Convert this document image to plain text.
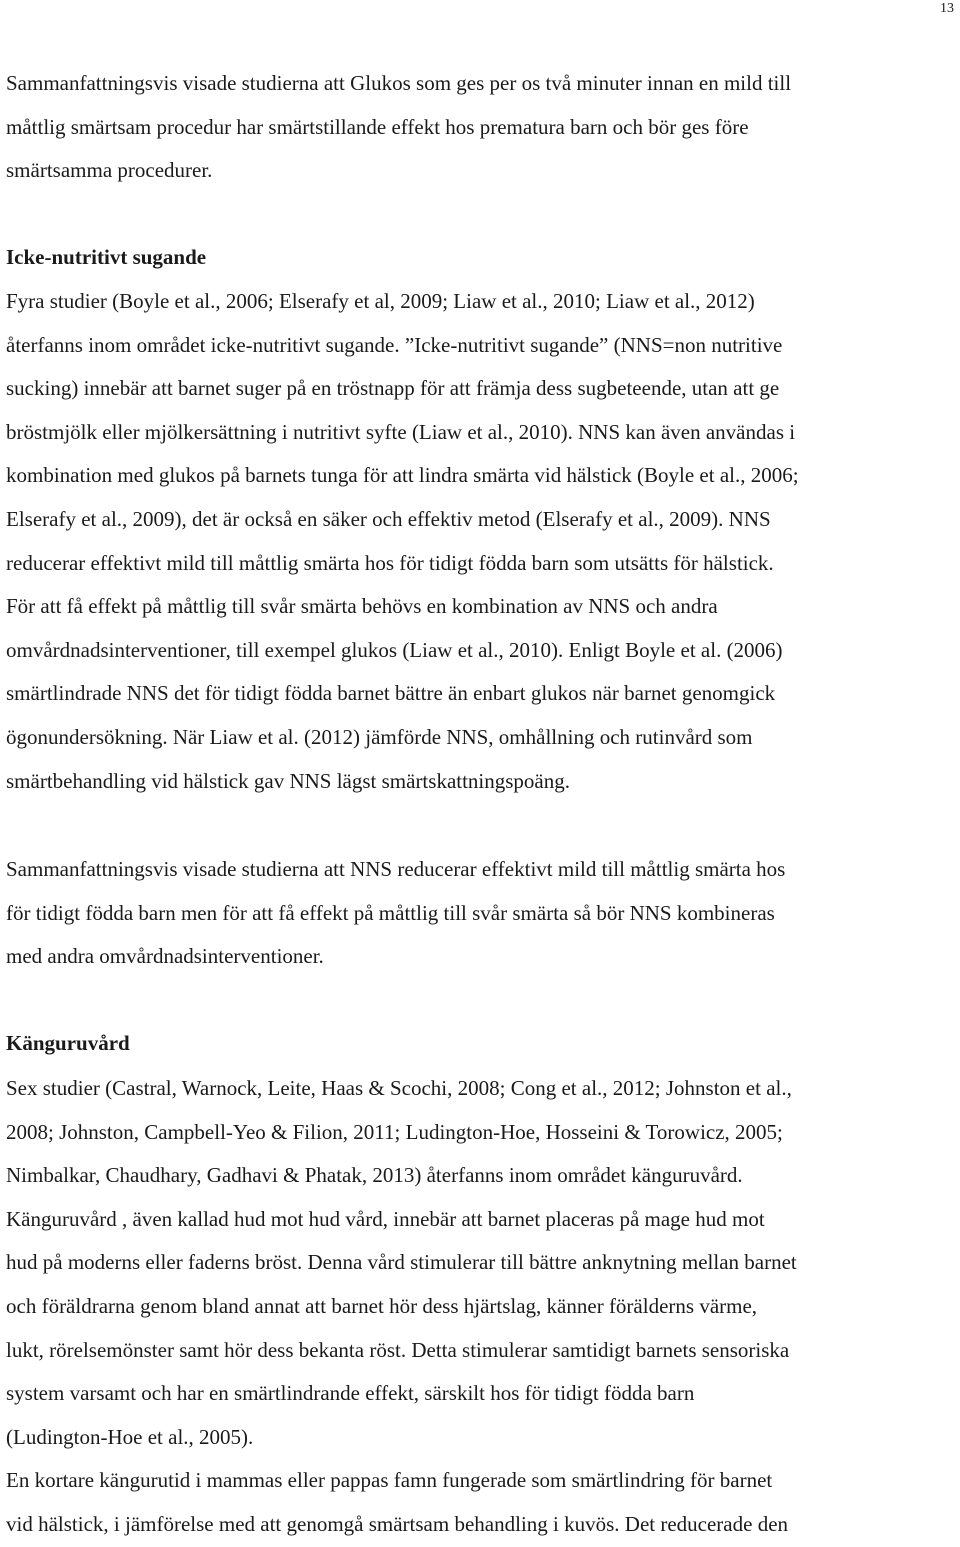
13
Sammanfattningsvis visade studierna att Glukos som ges per os två minuter innan en mild till
måttlig smärtsam procedur har smärtstillande effekt hos prematura barn och bör ges före
smärtsamma procedurer.
Icke-nutritivt sugande
Fyra studier (Boyle et al., 2006; Elserafy et al, 2009; Liaw et al., 2010; Liaw et al., 2012)
återfanns inom området icke-nutritivt sugande. ”Icke-nutritivt sugande” (NNS=non nutritive
sucking) innebär att barnet suger på en tröstnapp för att främja dess sugbeteende, utan att ge
bröstmjölk eller mjölkersättning i nutritivt syfte (Liaw et al., 2010). NNS kan även användas i
kombination med glukos på barnets tunga för att lindra smärta vid hälstick (Boyle et al., 2006;
Elserafy et al., 2009), det är också en säker och effektiv metod (Elserafy et al., 2009). NNS
reducerar effektivt mild till måttlig smärta hos för tidigt födda barn som utsätts för hälstick.
För att få effekt på måttlig till svår smärta behövs en kombination av NNS och andra
omvårdnadsinterventioner, till exempel glukos (Liaw et al., 2010). Enligt Boyle et al. (2006)
smärtlindrade NNS det för tidigt födda barnet bättre än enbart glukos när barnet genomgick
ögonundersökning. När Liaw et al. (2012) jämförde NNS, omhållning och rutinvård som
smärtbehandling vid hälstick gav NNS lägst smärtskattningspoäng.
Sammanfattningsvis visade studierna att NNS reducerar effektivt mild till måttlig smärta hos
för tidigt födda barn men för att få effekt på måttlig till svår smärta så bör NNS kombineras
med andra omvårdnadsinterventioner.
Känguruvård
Sex studier (Castral, Warnock, Leite, Haas & Scochi, 2008; Cong et al., 2012; Johnston et al.,
2008; Johnston, Campbell-Yeo & Filion, 2011; Ludington-Hoe, Hosseini & Torowicz, 2005;
Nimbalkar, Chaudhary, Gadhavi & Phatak, 2013) återfanns inom området känguruvård.
Känguruvård , även kallad hud mot hud vård, innebär att barnet placeras på mage hud mot
hud på moderns eller faderns bröst. Denna vård stimulerar till bättre anknytning mellan barnet
och föräldrarna genom bland annat att barnet hör dess hjärtslag, känner förälderns värme,
lukt, rörelsemönster samt hör dess bekanta röst. Detta stimulerar samtidigt barnets sensoriska
system varsamt och har en smärtlindrande effekt, särskilt hos för tidigt födda barn
(Ludington-Hoe et al., 2005).
En kortare kängurutid i mammas eller pappas famn fungerade som smärtlindring för barnet
vid hälstick, i jämförelse med att genomgå smärtsam behandling i kuvös. Det reducerade den
